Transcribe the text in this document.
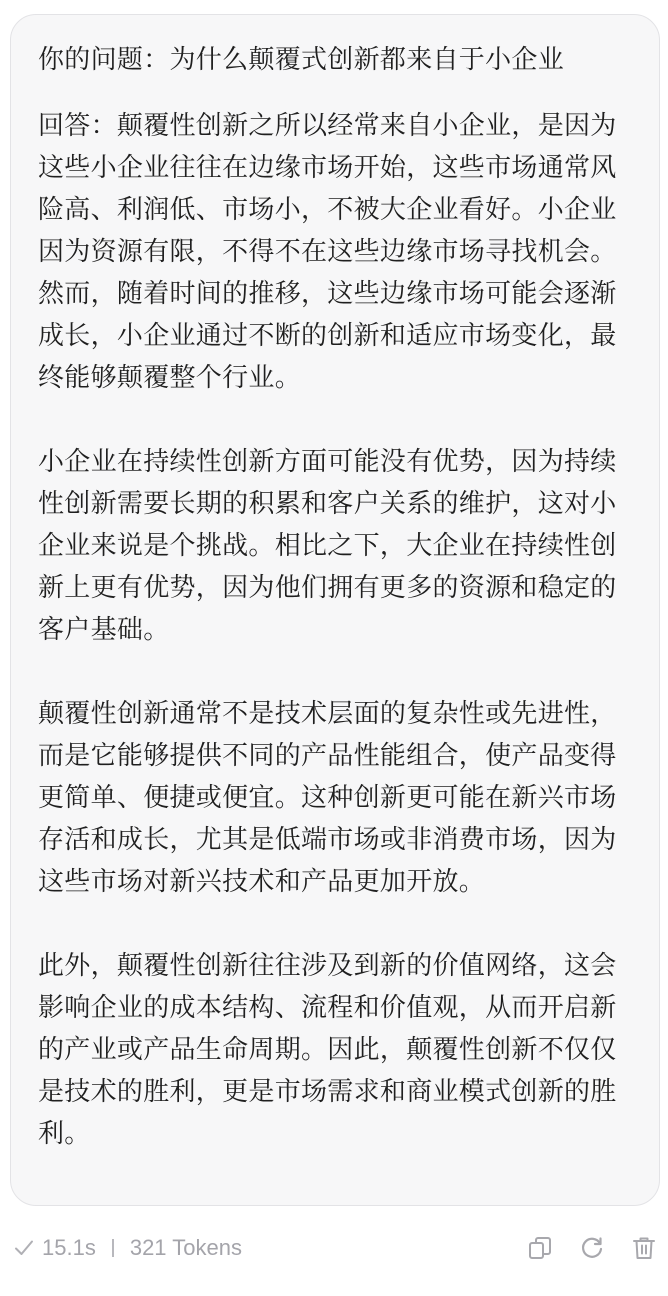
你的问题：为什么颠覆式创新都来自于小企业

回答：颠覆性创新之所以经常来自小企业，是因为这些小企业往往在边缘市场开始，这些市场通常风险高、利润低、市场小，不被大企业看好。小企业因为资源有限，不得不在这些边缘市场寻找机会。然而，随着时间的推移，这些边缘市场可能会逐渐成长，小企业通过不断的创新和适应市场变化，最终能够颠覆整个行业。

小企业在持续性创新方面可能没有优势，因为持续性创新需要长期的积累和客户关系的维护，这对小企业来说是个挑战。相比之下，大企业在持续性创新上更有优势，因为他们拥有更多的资源和稳定的客户基础。

颠覆性创新通常不是技术层面的复杂性或先进性，而是它能够提供不同的产品性能组合，使产品变得更简单、便捷或便宜。这种创新更可能在新兴市场存活和成长，尤其是低端市场或非消费市场，因为这些市场对新兴技术和产品更加开放。

此外，颠覆性创新往往涉及到新的价值网络，这会影响企业的成本结构、流程和价值观，从而开启新的产业或产品生命周期。因此，颠覆性创新不仅仅是技术的胜利，更是市场需求和商业模式创新的胜利。

15.1s 321 Tokens
